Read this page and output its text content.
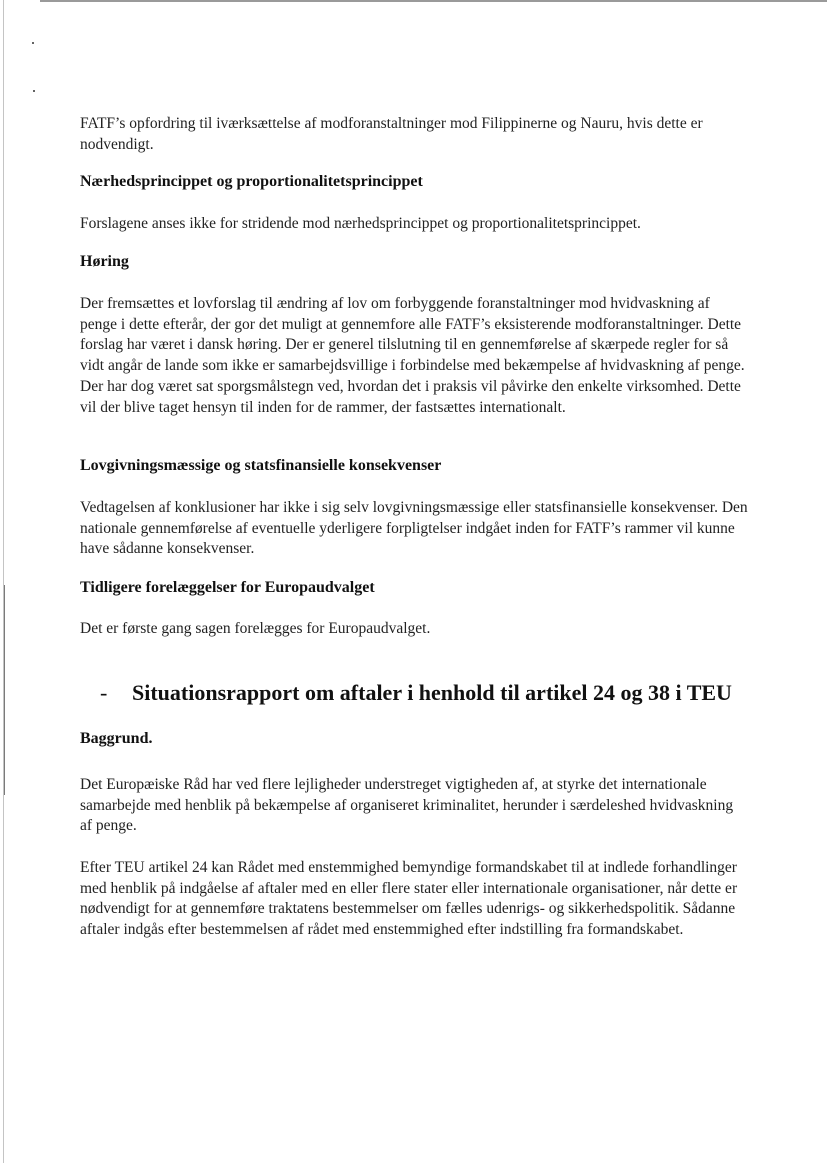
FATF’s opfordring til iværksættelse af modforanstaltninger mod Filippinerne og Nauru, hvis dette er nodvendigt.

Nærhedsprincippet og proportionalitetsprincippet

Forslagene anses ikke for stridende mod nærhedsprincippet og proportionalitetsprincippet.

Høring

Der fremsættes et lovforslag til ændring af lov om forbyggende foranstaltninger mod hvidvaskning af penge i dette efterår, der gor det muligt at gennemfore alle FATF’s eksisterende modforanstaltninger. Dette forslag har været i dansk høring. Der er generel tilslutning til en gennemførelse af skærpede regler for så vidt angår de lande som ikke er samarbejdsvillige i forbindelse med bekæmpelse af hvidvaskning af penge. Der har dog været sat sporgsmålstegn ved, hvordan det i praksis vil påvirke den enkelte virksomhed. Dette vil der blive taget hensyn til inden for de rammer, der fastsættes internationalt.

Lovgivningsmæssige og statsfinansielle konsekvenser

Vedtagelsen af konklusioner har ikke i sig selv lovgivningsmæssige eller statsfinansielle konsekvenser. Den nationale gennemførelse af eventuelle yderligere forpligtelser indgået inden for FATF’s rammer vil kunne have sådanne konsekvenser.

Tidligere forelæggelser for Europaudvalget

Det er første gang sagen forelægges for Europaudvalget.

- Situationsrapport om aftaler i henhold til artikel 24 og 38 i TEU
Baggrund.

Det Europæiske Råd har ved flere lejligheder understreget vigtigheden af, at styrke det internationale samarbejde med henblik på bekæmpelse af organiseret kriminalitet, herunder i særdeleshed hvidvaskning af penge.

Efter TEU artikel 24 kan Rådet med enstemmighed bemyndige formandskabet til at indlede forhandlinger med henblik på indgåelse af aftaler med en eller flere stater eller internationale organisationer, når dette er nødvendigt for at gennemføre traktatens bestemmelser om fælles udenrigs- og sikkerhedspolitik. Sådanne aftaler indgås efter bestemmelsen af rådet med enstemmighed efter indstilling fra formandskabet.
